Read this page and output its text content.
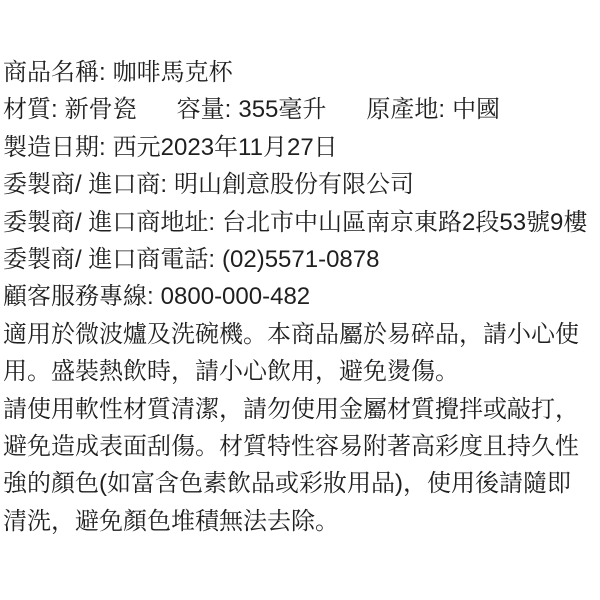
商品名稱: 咖啡馬克杯
材質: 新骨瓷 容量: 355毫升 原產地: 中國
製造日期: 西元2023年11月27日
委製商/ 進口商: 明山創意股份有限公司
委製商/ 進口商地址: 台北市中山區南京東路2段53號9樓
委製商/ 進口商電話: (02)5571-0878
顧客服務專線: 0800-000-482
適用於微波爐及洗碗機。本商品屬於易碎品，請小心使用。盛裝熱飲時，請小心飲用，避免燙傷。
請使用軟性材質清潔，請勿使用金屬材質攪拌或敲打，避免造成表面刮傷。材質特性容易附著高彩度且持久性強的顏色(如富含色素飲品或彩妝用品)，使用後請隨即清洗，避免顏色堆積無法去除。
